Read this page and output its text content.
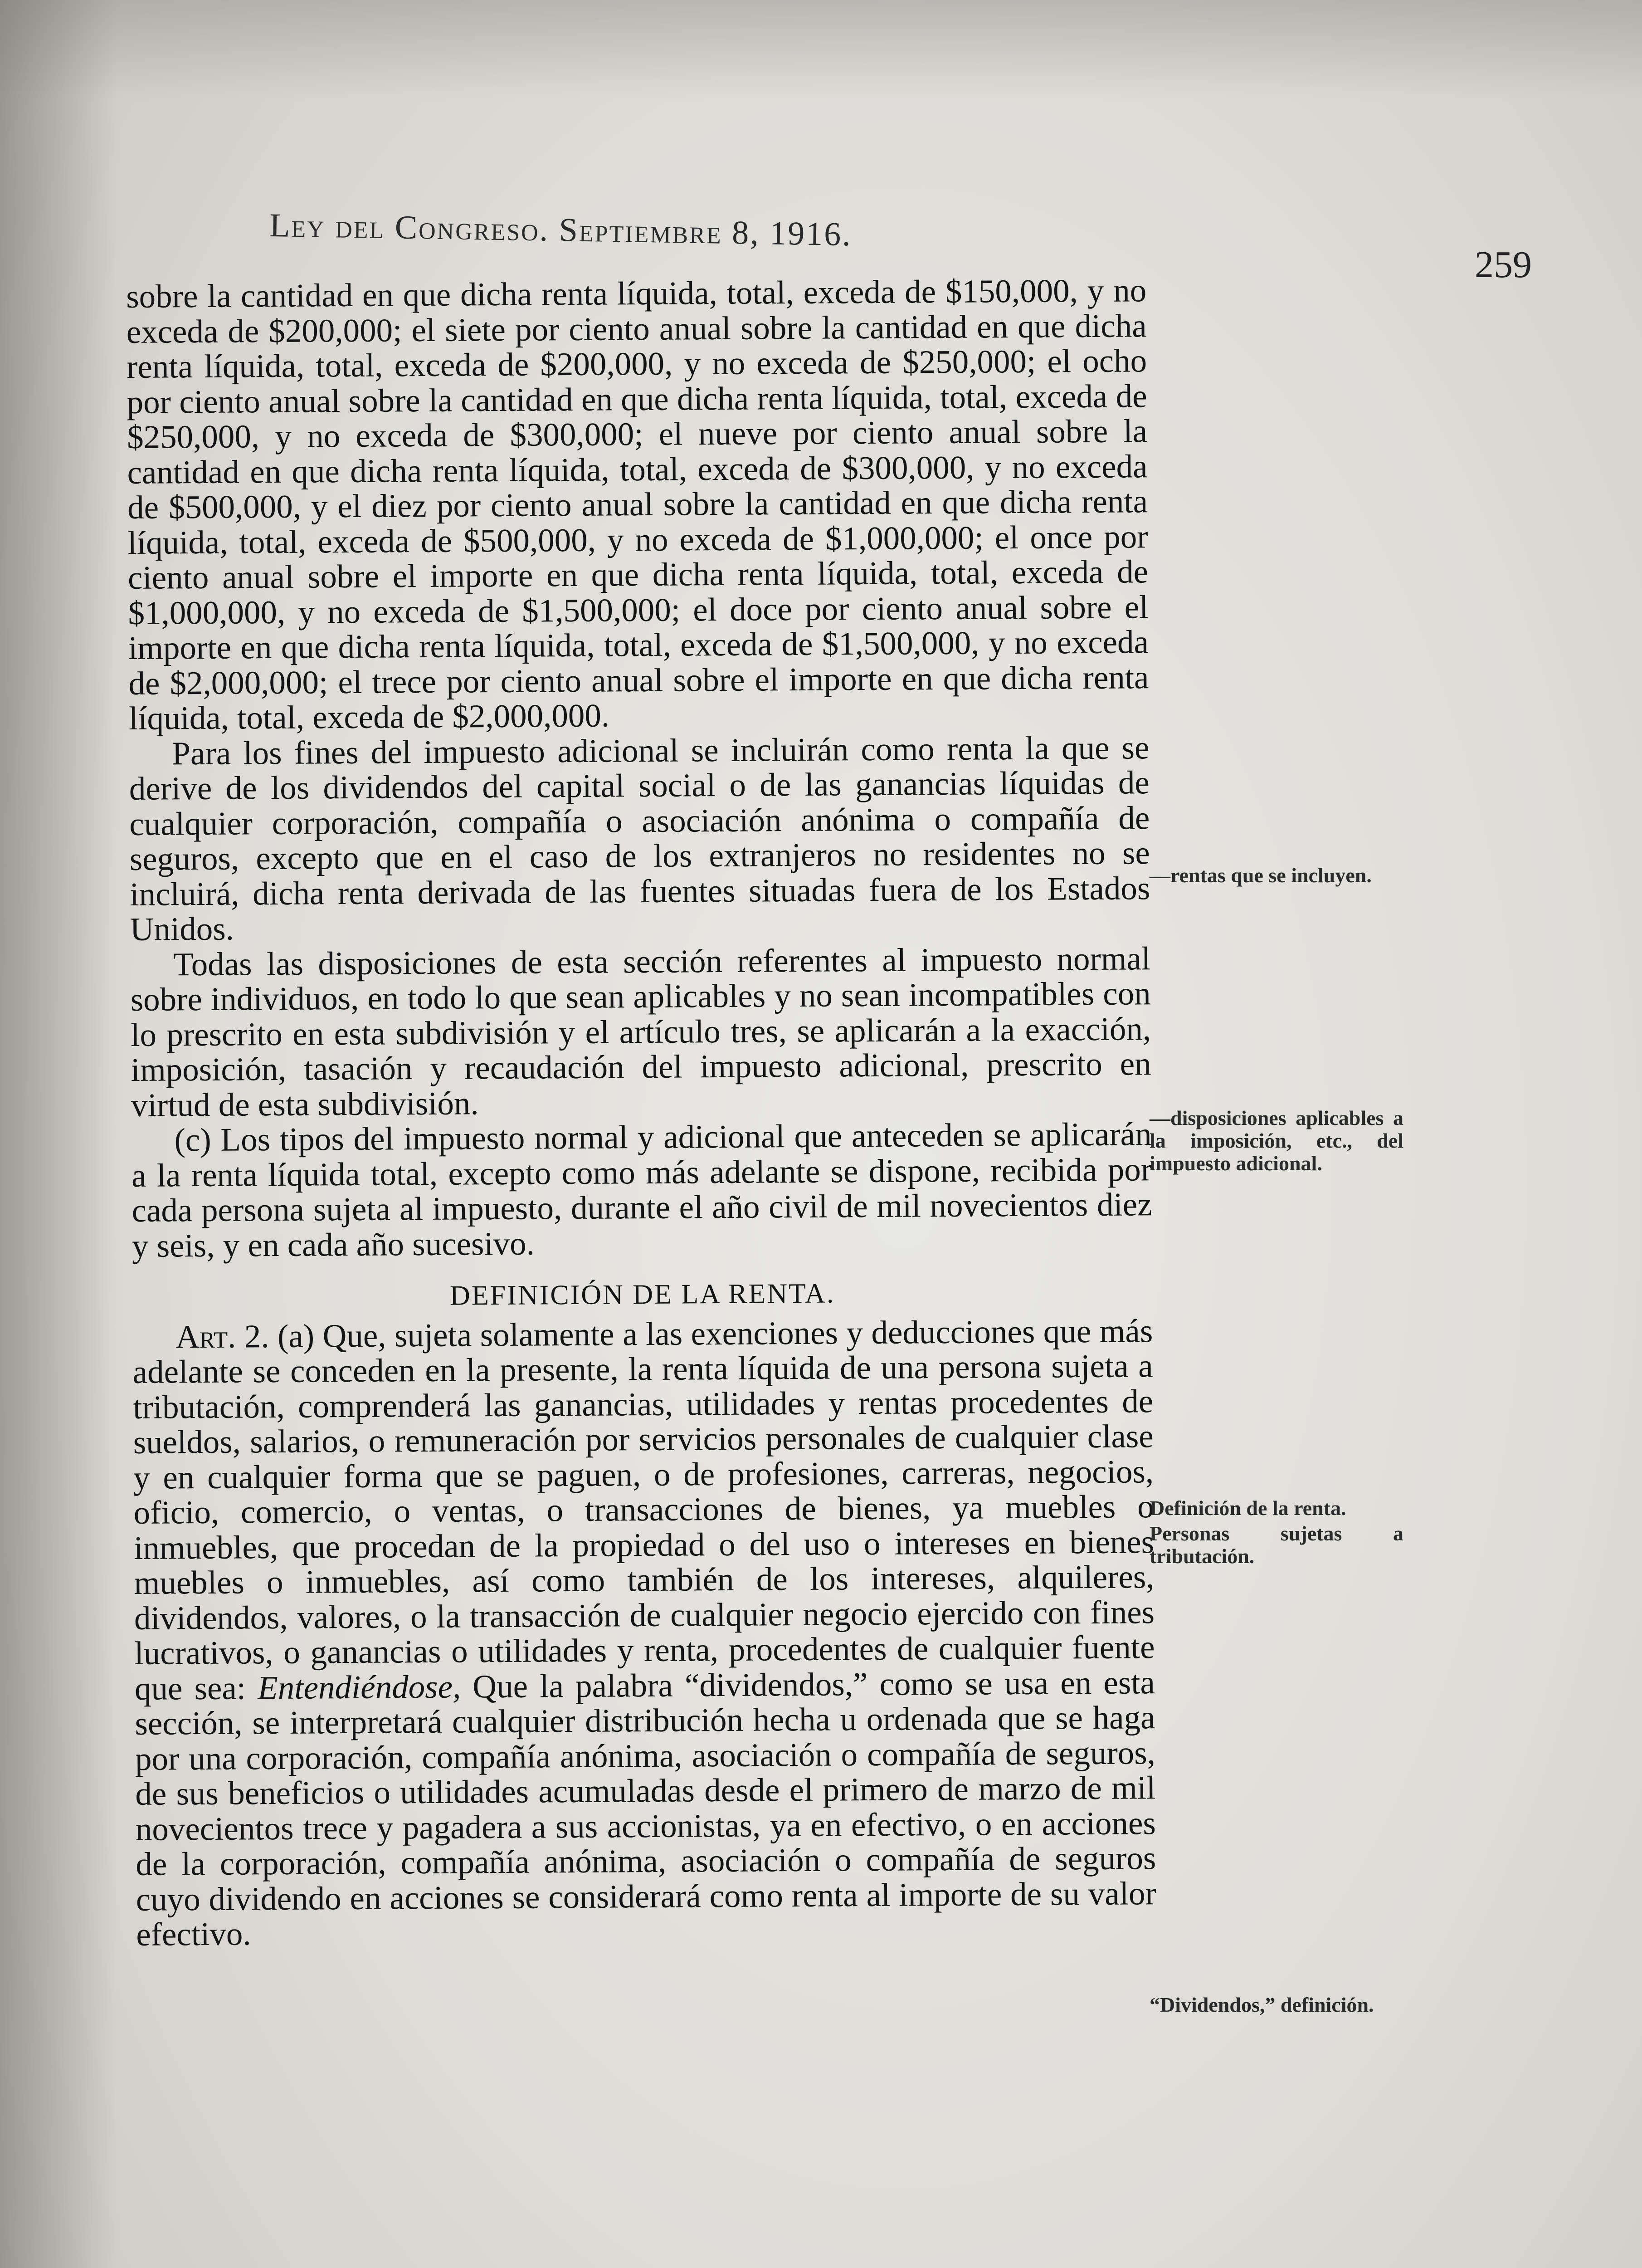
Ley del Congreso. Septiembre 8, 1916.
259

sobre la cantidad en que dicha renta líquida, total, exceda de $150,000, y no exceda de $200,000; el siete por ciento anual sobre la cantidad en que dicha renta líquida, total, exceda de $200,000, y no exceda de $250,000; el ocho por ciento anual sobre la cantidad en que dicha renta líquida, total, exceda de $250,000, y no exceda de $300,000; el nueve por ciento anual sobre la cantidad en que dicha renta líquida, total, exceda de $300,000, y no exceda de $500,000, y el diez por ciento anual sobre la cantidad en que dicha renta líquida, total, exceda de $500,000, y no exceda de $1,000,000; el once por ciento anual sobre el importe en que dicha renta líquida, total, exceda de $1,000,000, y no exceda de $1,500,000; el doce por ciento anual sobre el importe en que dicha renta líquida, total, exceda de $1,500,000, y no exceda de $2,000,000; el trece por ciento anual sobre el importe en que dicha renta líquida, total, exceda de $2,000,000.

Para los fines del impuesto adicional se incluirán como renta la que se derive de los dividendos del capital social o de las ganancias líquidas de cualquier corporación, compañía o asociación anónima o compañía de seguros, excepto que en el caso de los extranjeros no residentes no se incluirá, dicha renta derivada de las fuentes situadas fuera de los Estados Unidos.

Todas las disposiciones de esta sección referentes al impuesto normal sobre individuos, en todo lo que sean aplicables y no sean incompatibles con lo prescrito en esta subdivisión y el artículo tres, se aplicarán a la exacción, imposición, tasación y recaudación del impuesto adicional, prescrito en virtud de esta subdivisión.

(c) Los tipos del impuesto normal y adicional que anteceden se aplicarán a la renta líquida total, excepto como más adelante se dispone, recibida por cada persona sujeta al impuesto, durante el año civil de mil novecientos diez y seis, y en cada año sucesivo.

DEFINICIÓN DE LA RENTA.

Art. 2. (a) Que, sujeta solamente a las exenciones y deducciones que más adelante se conceden en la presente, la renta líquida de una persona sujeta a tributación, comprenderá las ganancias, utilidades y rentas procedentes de sueldos, salarios, o remuneración por servicios personales de cualquier clase y en cualquier forma que se paguen, o de profesiones, carreras, negocios, oficio, comercio, o ventas, o transacciones de bienes, ya muebles o inmuebles, que procedan de la propiedad o del uso o intereses en bienes muebles o inmuebles, así como también de los intereses, alquileres, dividendos, valores, o la transacción de cualquier negocio ejercido con fines lucrativos, o ganancias o utilidades y renta, procedentes de cualquier fuente que sea: Entendiéndose, Que la palabra “dividendos,” como se usa en esta sección, se interpretará cualquier distribución hecha u ordenada que se haga por una corporación, compañía anónima, asociación o compañía de seguros, de sus beneficios o utilidades acumuladas desde el primero de marzo de mil novecientos trece y pagadera a sus accionistas, ya en efectivo, o en acciones de la corporación, compañía anónima, asociación o compañía de seguros cuyo dividendo en acciones se considerará como renta al importe de su valor efectivo.

—rentas que se incluyen.
—disposiciones aplicables a la imposición, etc., del impuesto adicional.
Definición de la renta.
Personas sujetas a tributación.
“Dividendos,” definición.
